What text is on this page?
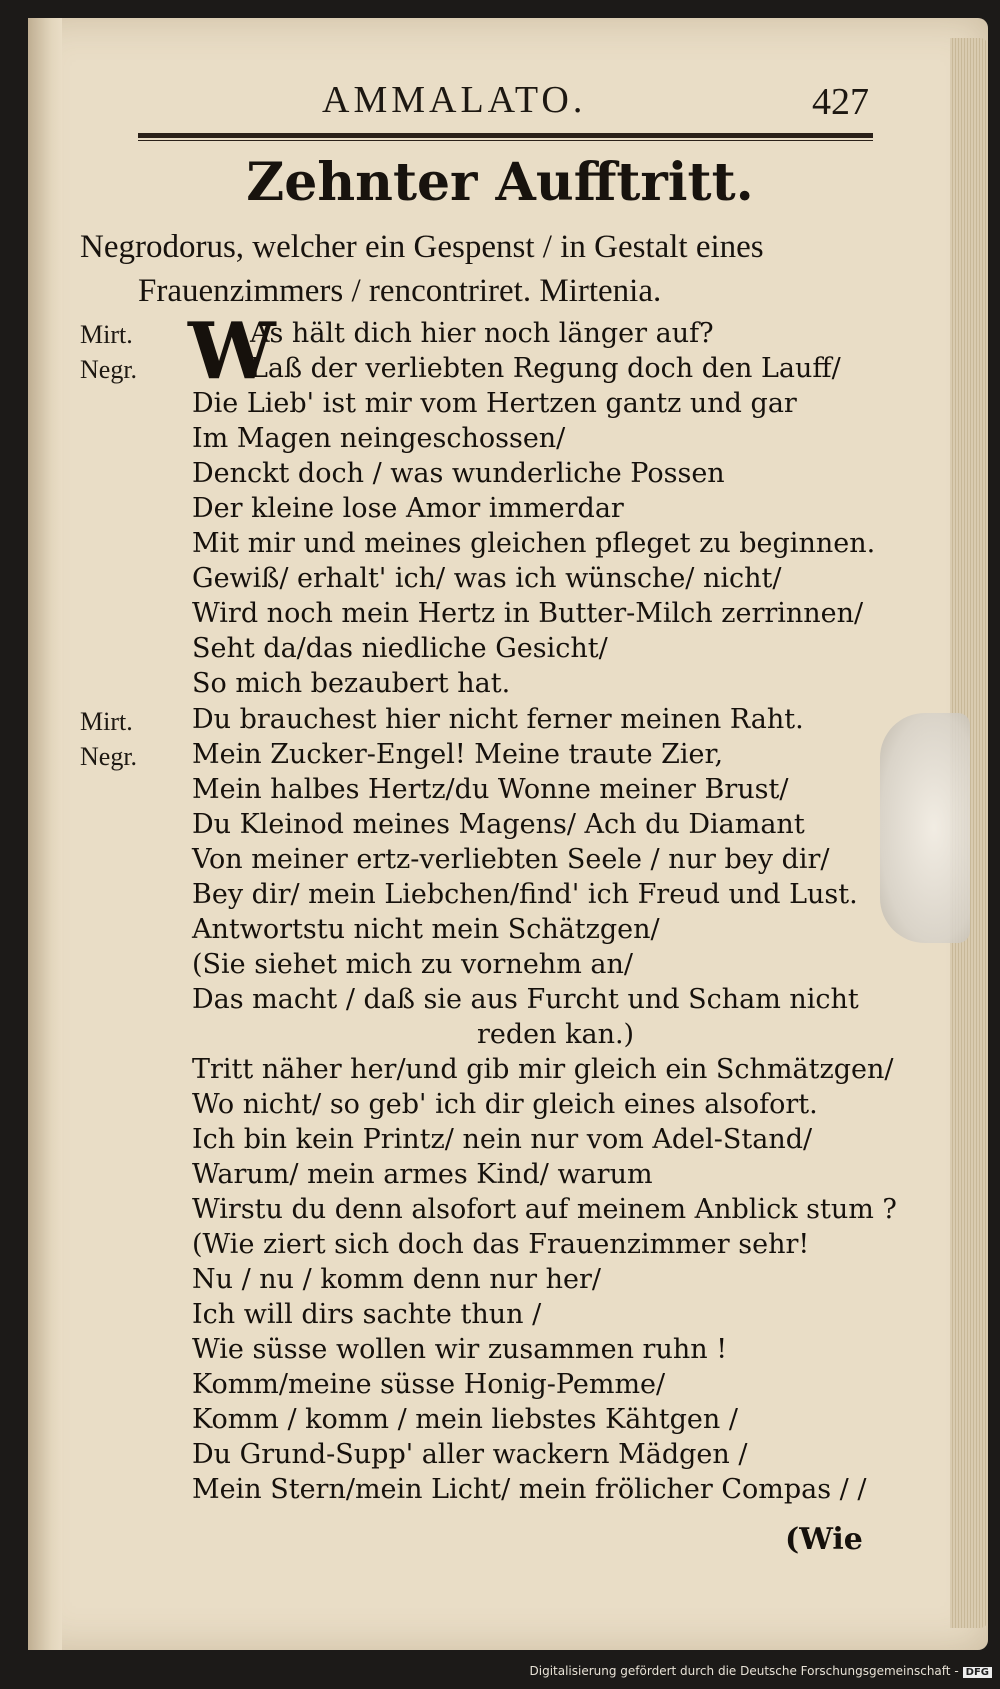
AMMALATO.	427
Zehnter Aufftritt.
Negrodorus, welcher ein Gespenst / in Gestalt eines
Frauenzimmers / rencontriret. Mirtenia.
Mirt.
Negr.
Mirt.
Negr.
W
As hält dich hier noch länger auf?
Laß der verliebten Regung doch den Lauff/
Die Lieb' ist mir vom Hertzen gantz und gar
Im Magen neingeschossen/
Denckt doch / was wunderliche Possen
Der kleine lose Amor immerdar
Mit mir und meines gleichen pfleget zu beginnen.
Gewiß/ erhalt' ich/ was ich wünsche/ nicht/
Wird noch mein Hertz in Butter-Milch zerrinnen/
Seht da/das niedliche Gesicht/
So mich bezaubert hat.
Du brauchest hier nicht ferner meinen Raht.
Mein Zucker-Engel! Meine traute Zier,
Mein halbes Hertz/du Wonne meiner Brust/
Du Kleinod meines Magens/ Ach du Diamant
Von meiner ertz-verliebten Seele / nur bey dir/
Bey dir/ mein Liebchen/find' ich Freud und Lust.
Antwortstu nicht mein Schätzgen/
(Sie siehet mich zu vornehm an/
Das macht / daß sie aus Furcht und Scham nicht
reden kan.)
Tritt näher her/und gib mir gleich ein Schmätzgen/
Wo nicht/ so geb' ich dir gleich eines alsofort.
Ich bin kein Printz/ nein nur vom Adel-Stand/
Warum/ mein armes Kind/ warum
Wirstu du denn alsofort auf meinem Anblick stum ?
(Wie ziert sich doch das Frauenzimmer sehr!
Nu / nu / komm denn nur her/
Ich will dirs sachte thun /
Wie süsse wollen wir zusammen ruhn !
Komm/meine süsse Honig-Pemme/
Komm / komm / mein liebstes Kähtgen /
Du Grund-Supp' aller wackern Mädgen /
Mein Stern/mein Licht/ mein frölicher Compas / /
(Wie
Digitalisierung gefördert durch die Deutsche Forschungsgemeinschaft - DFG
